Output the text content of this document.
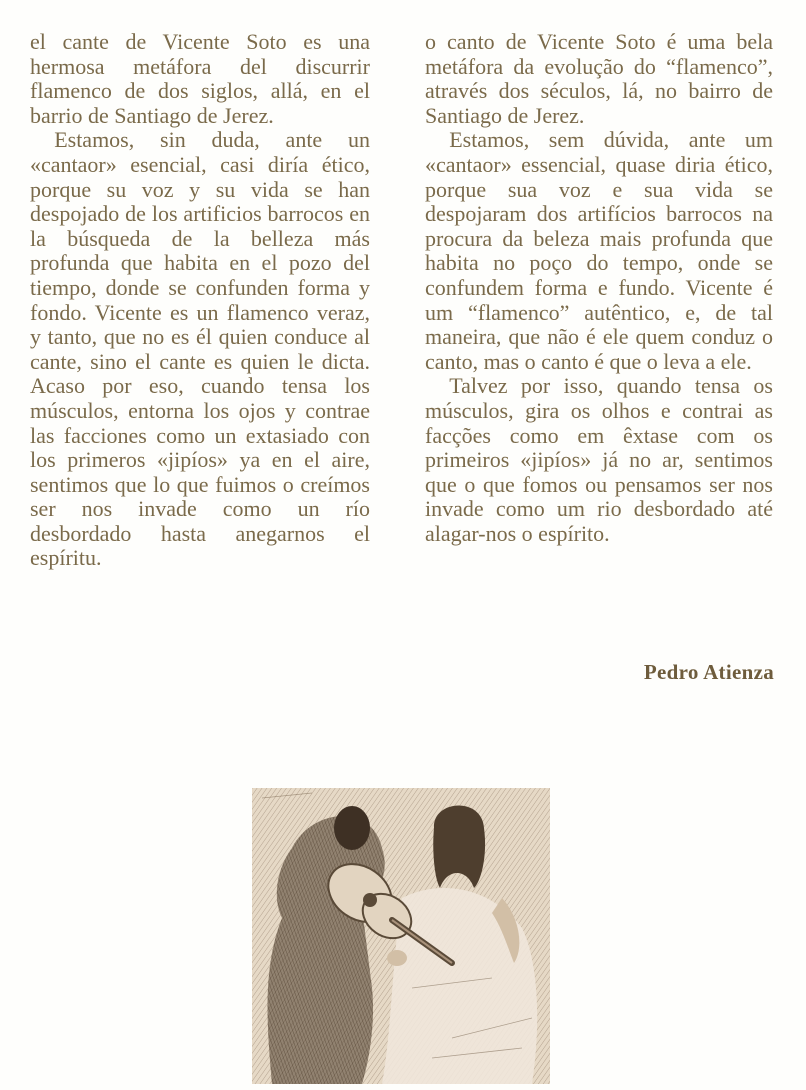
el cante de Vicente Soto es una hermosa metáfora del discurrir flamenco de dos siglos, allá, en el barrio de Santiago de Jerez.

Estamos, sin duda, ante un «cantaor» esencial, casi diría ético, porque su voz y su vida se han despojado de los artificios barrocos en la búsqueda de la belleza más profunda que habita en el pozo del tiempo, donde se confunden forma y fondo. Vicente es un flamenco veraz, y tanto, que no es él quien conduce al cante, sino el cante es quien le dicta. Acaso por eso, cuando tensa los músculos, entorna los ojos y contrae las facciones como un extasiado con los primeros «jipíos» ya en el aire, sentimos que lo que fuimos o creímos ser nos invade como un río desbordado hasta anegarnos el espíritu.

o canto de Vicente Soto é uma bela metáfora da evolução do “flamenco”, através dos séculos, lá, no bairro de Santiago de Jerez.

Estamos, sem dúvida, ante um «cantaor» essencial, quase diria ético, porque sua voz e sua vida se despojaram dos artifícios barrocos na procura da beleza mais profunda que habita no poço do tempo, onde se confundem forma e fundo. Vicente é um “flamenco” autêntico, e, de tal maneira, que não é ele quem conduz o canto, mas o canto é que o leva a ele.

Talvez por isso, quando tensa os músculos, gira os olhos e contrai as facções como em êxtase com os primeiros «jipíos» já no ar, sentimos que o que fomos ou pensamos ser nos invade como um rio desbordado até alagar-nos o espírito.

Pedro Atienza
